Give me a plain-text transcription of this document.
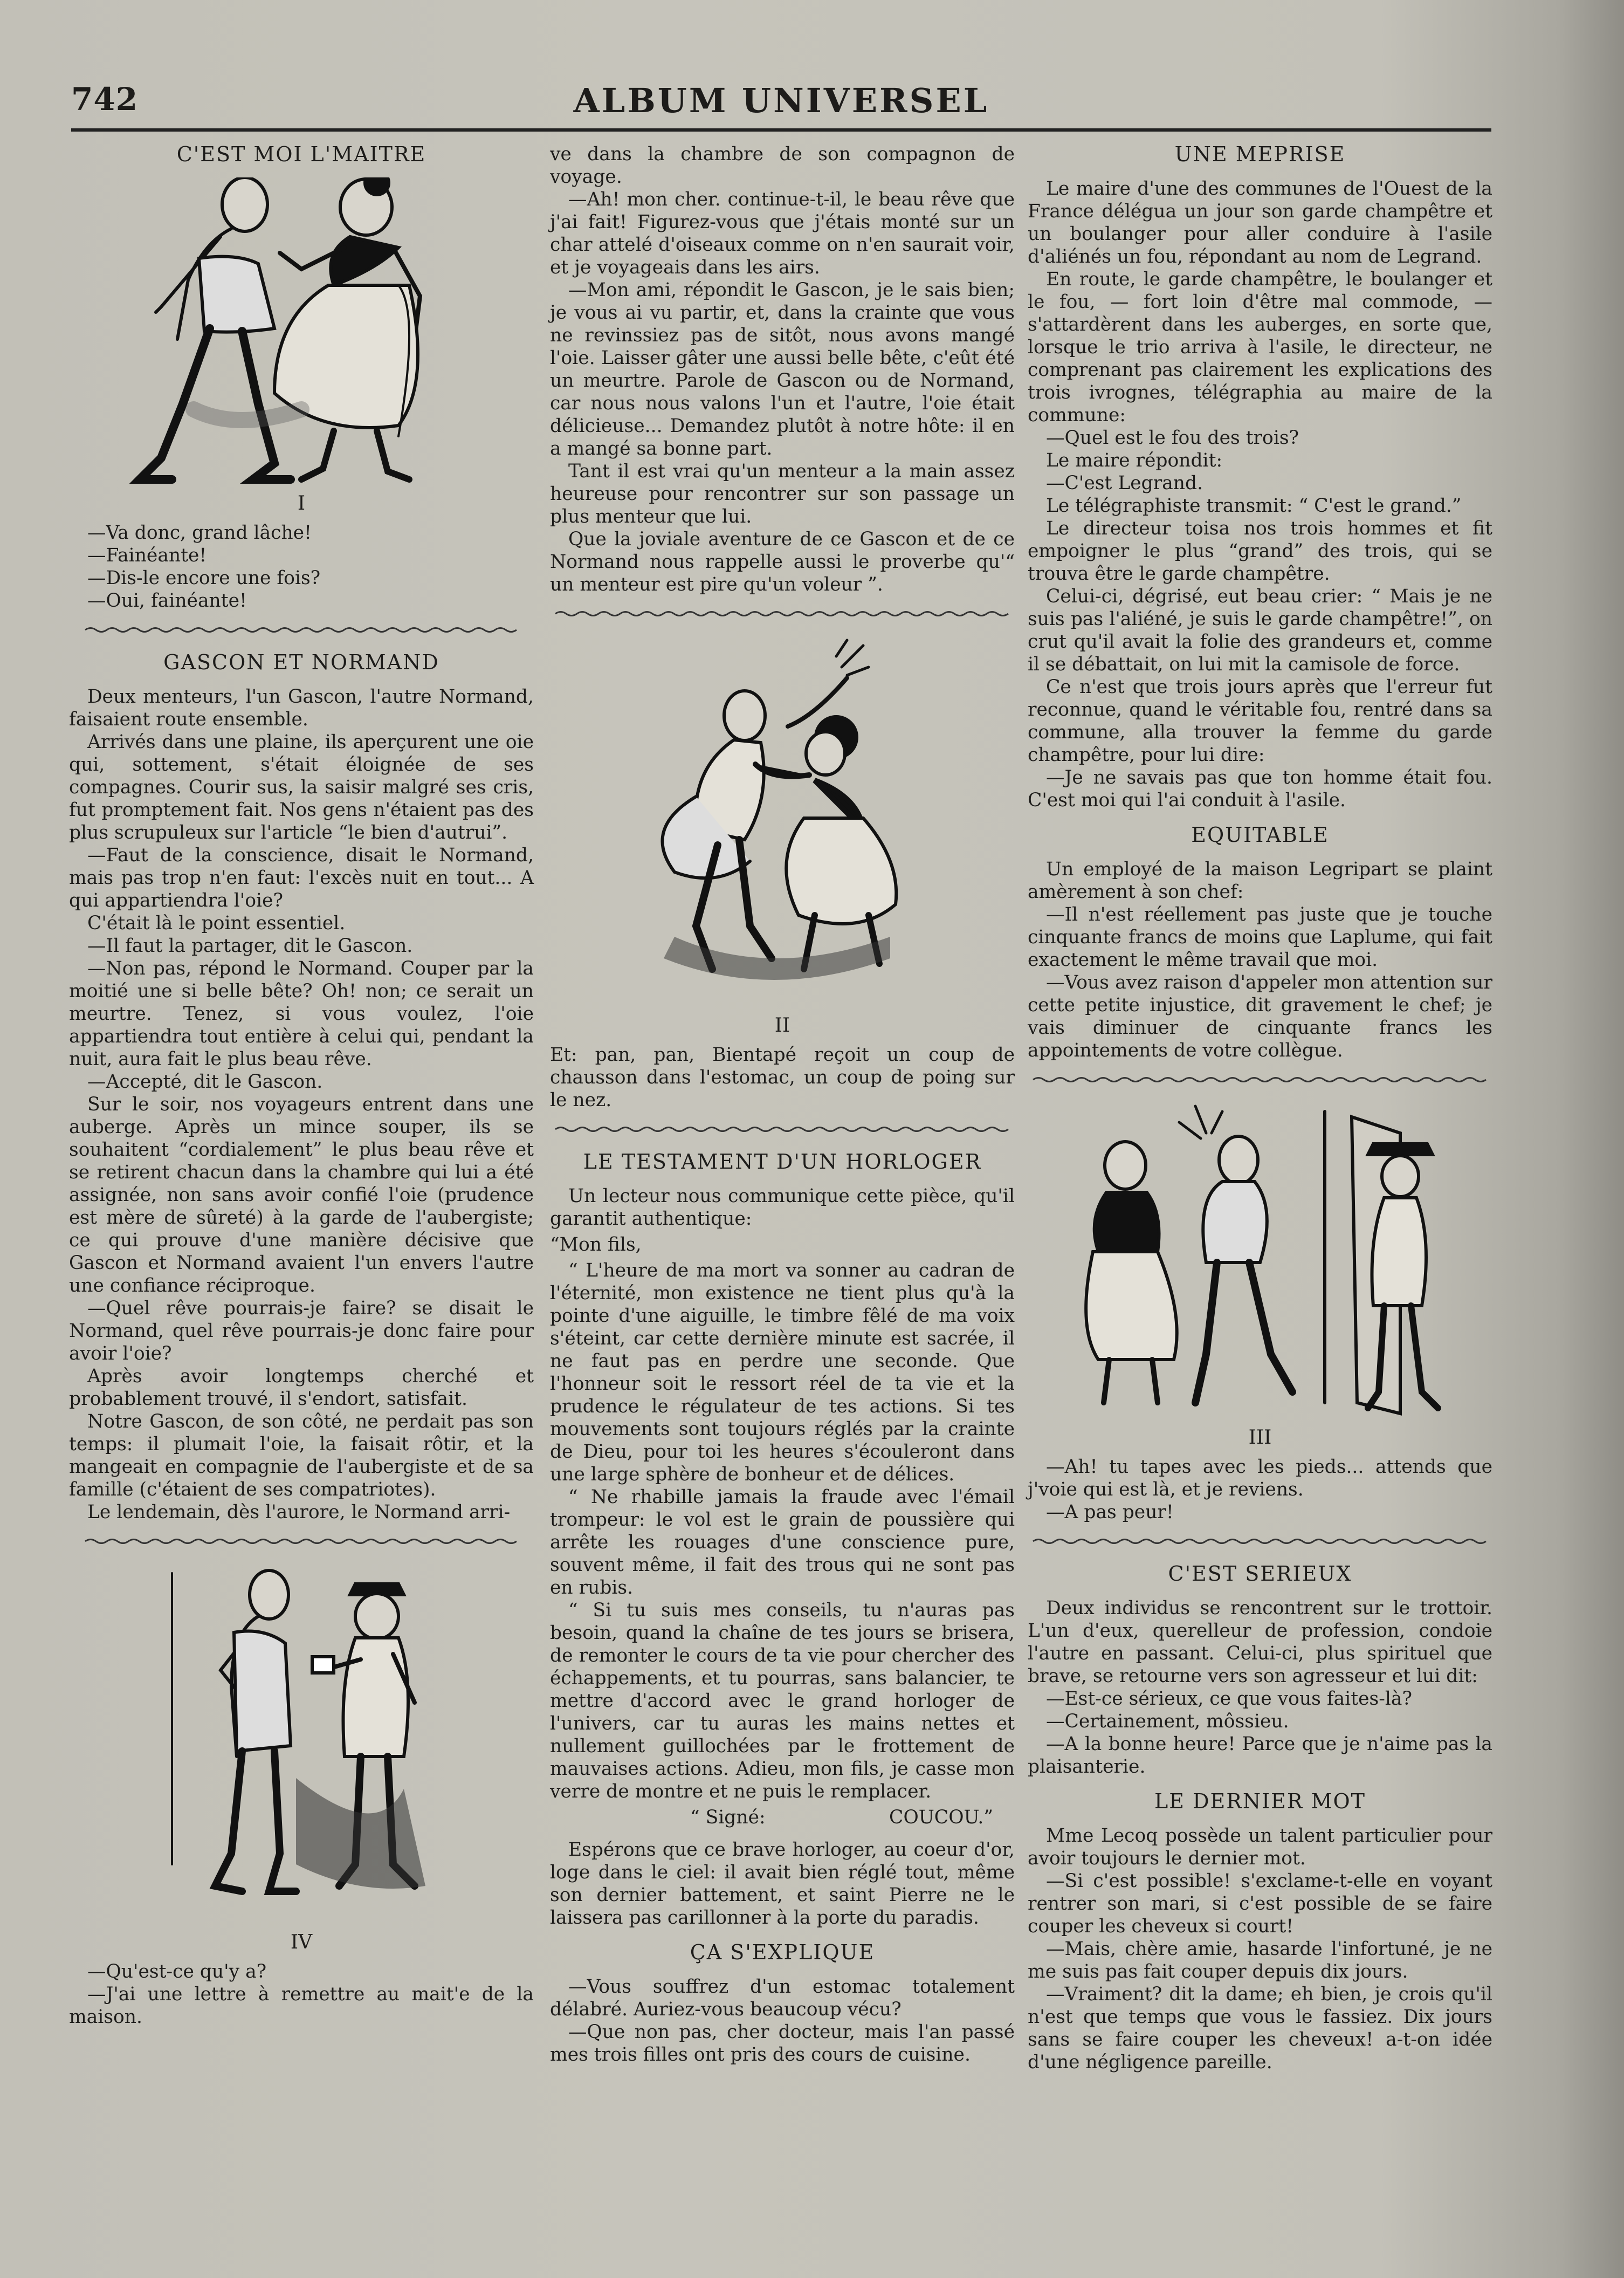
742	ALBUM UNIVERSEL
C'EST MOI L'MAITRE
I

—Va donc, grand lâche!

—Fainéante!

—Dis-le encore une fois?

—Oui, fainéante!

GASCON ET NORMAND

Deux menteurs, l'un Gascon, l'autre Normand, faisaient route ensemble.

Arrivés dans une plaine, ils aperçurent une oie qui, sottement, s'était éloignée de ses compagnes. Courir sus, la saisir malgré ses cris, fut promptement fait. Nos gens n'étaient pas des plus scrupuleux sur l'article “le bien d'autrui”.

—Faut de la conscience, disait le Normand, mais pas trop n'en faut: l'excès nuit en tout... A qui appartiendra l'oie?

C'était là le point essentiel.

—Il faut la partager, dit le Gascon.

—Non pas, répond le Normand. Couper par la moitié une si belle bête? Oh! non; ce serait un meurtre. Tenez, si vous voulez, l'oie appartiendra tout entière à celui qui, pendant la nuit, aura fait le plus beau rêve.

—Accepté, dit le Gascon.

Sur le soir, nos voyageurs entrent dans une auberge. Après un mince souper, ils se souhaitent “cordialement” le plus beau rêve et se retirent chacun dans la chambre qui lui a été assignée, non sans avoir confié l'oie (prudence est mère de sûreté) à la garde de l'aubergiste; ce qui prouve d'une manière décisive que Gascon et Normand avaient l'un envers l'autre une confiance réciproque.

—Quel rêve pourrais-je faire? se disait le Normand, quel rêve pourrais-je donc faire pour avoir l'oie?

Après avoir longtemps cherché et probablement trouvé, il s'endort, satisfait.

Notre Gascon, de son côté, ne perdait pas son temps: il plumait l'oie, la faisait rôtir, et la mangeait en compagnie de l'aubergiste et de sa famille (c'étaient de ses compatriotes).

Le lendemain, dès l'aurore, le Normand arri-

IV

—Qu'est-ce qu'y a?

—J'ai une lettre à remettre au mait'e de la maison.

ve dans la chambre de son compagnon de voyage.

—Ah! mon cher. continue-t-il, le beau rêve que j'ai fait! Figurez-vous que j'étais monté sur un char attelé d'oiseaux comme on n'en saurait voir, et je voyageais dans les airs.

—Mon ami, répondit le Gascon, je le sais bien; je vous ai vu partir, et, dans la crainte que vous ne revinssiez pas de sitôt, nous avons mangé l'oie. Laisser gâter une aussi belle bête, c'eût été un meurtre. Parole de Gascon ou de Normand, car nous nous valons l'un et l'autre, l'oie était délicieuse... Demandez plutôt à notre hôte: il en a mangé sa bonne part.

Tant il est vrai qu'un menteur a la main assez heureuse pour rencontrer sur son passage un plus menteur que lui.

Que la joviale aventure de ce Gascon et de ce Normand nous rappelle aussi le proverbe qu'“ un menteur est pire qu'un voleur ”.

II

Et: pan, pan, Bientapé reçoit un coup de chausson dans l'estomac, un coup de poing sur le nez.

LE TESTAMENT D'UN HORLOGER

Un lecteur nous communique cette pièce, qu'il garantit authentique:

“Mon fils,

“ L'heure de ma mort va sonner au cadran de l'éternité, mon existence ne tient plus qu'à la pointe d'une aiguille, le timbre fêlé de ma voix s'éteint, car cette dernière minute est sacrée, il ne faut pas en perdre une seconde. Que l'honneur soit le ressort réel de ta vie et la prudence le régulateur de tes actions. Si tes mouvements sont toujours réglés par la crainte de Dieu, pour toi les heures s'écouleront dans une large sphère de bonheur et de délices.

“ Ne rhabille jamais la fraude avec l'émail trompeur: le vol est le grain de poussière qui arrête les rouages d'une conscience pure, souvent même, il fait des trous qui ne sont pas en rubis.

“ Si tu suis mes conseils, tu n'auras pas besoin, quand la chaîne de tes jours se brisera, de remonter le cours de ta vie pour chercher des échappements, et tu pourras, sans balancier, te mettre d'accord avec le grand horloger de l'univers, car tu auras les mains nettes et nullement guillochées par le frottement de mauvaises actions. Adieu, mon fils, je casse mon verre de montre et ne puis le remplacer.

“ Signé:	COUCOU.”

Espérons que ce brave horloger, au coeur d'or, loge dans le ciel: il avait bien réglé tout, même son dernier battement, et saint Pierre ne le laissera pas carillonner à la porte du paradis.

ÇA S'EXPLIQUE

—Vous souffrez d'un estomac totalement délabré. Auriez-vous beaucoup vécu?

—Que non pas, cher docteur, mais l'an passé mes trois filles ont pris des cours de cuisine.

UNE MEPRISE

Le maire d'une des communes de l'Ouest de la France délégua un jour son garde champêtre et un boulanger pour aller conduire à l'asile d'aliénés un fou, répondant au nom de Legrand.

En route, le garde champêtre, le boulanger et le fou, — fort loin d'être mal commode, — s'attardèrent dans les auberges, en sorte que, lorsque le trio arriva à l'asile, le directeur, ne comprenant pas clairement les explications des trois ivrognes, télégraphia au maire de la commune:

—Quel est le fou des trois?

Le maire répondit:

—C'est Legrand.

Le télégraphiste transmit: “ C'est le grand.”

Le directeur toisa nos trois hommes et fit empoigner le plus “grand” des trois, qui se trouva être le garde champêtre.

Celui-ci, dégrisé, eut beau crier: “ Mais je ne suis pas l'aliéné, je suis le garde champêtre!”, on crut qu'il avait la folie des grandeurs et, comme il se débattait, on lui mit la camisole de force.

Ce n'est que trois jours après que l'erreur fut reconnue, quand le véritable fou, rentré dans sa commune, alla trouver la femme du garde champêtre, pour lui dire:

—Je ne savais pas que ton homme était fou. C'est moi qui l'ai conduit à l'asile.

EQUITABLE

Un employé de la maison Legripart se plaint amèrement à son chef:

—Il n'est réellement pas juste que je touche cinquante francs de moins que Laplume, qui fait exactement le même travail que moi.

—Vous avez raison d'appeler mon attention sur cette petite injustice, dit gravement le chef; je vais diminuer de cinquante francs les appointements de votre collègue.

III

—Ah! tu tapes avec les pieds... attends que j'voie qui est là, et je reviens.

—A pas peur!

C'EST SERIEUX

Deux individus se rencontrent sur le trottoir. L'un d'eux, querelleur de profession, condoie l'autre en passant. Celui-ci, plus spirituel que brave, se retourne vers son agresseur et lui dit:

—Est-ce sérieux, ce que vous faites-là?

—Certainement, môssieu.

—A la bonne heure! Parce que je n'aime pas la plaisanterie.

LE DERNIER MOT

Mme Lecoq possède un talent particulier pour avoir toujours le dernier mot.

—Si c'est possible! s'exclame-t-elle en voyant rentrer son mari, si c'est possible de se faire couper les cheveux si court!

—Mais, chère amie, hasarde l'infortuné, je ne me suis pas fait couper depuis dix jours.

—Vraiment? dit la dame; eh bien, je crois qu'il n'est que temps que vous le fassiez. Dix jours sans se faire couper les cheveux! a-t-on idée d'une négligence pareille.
